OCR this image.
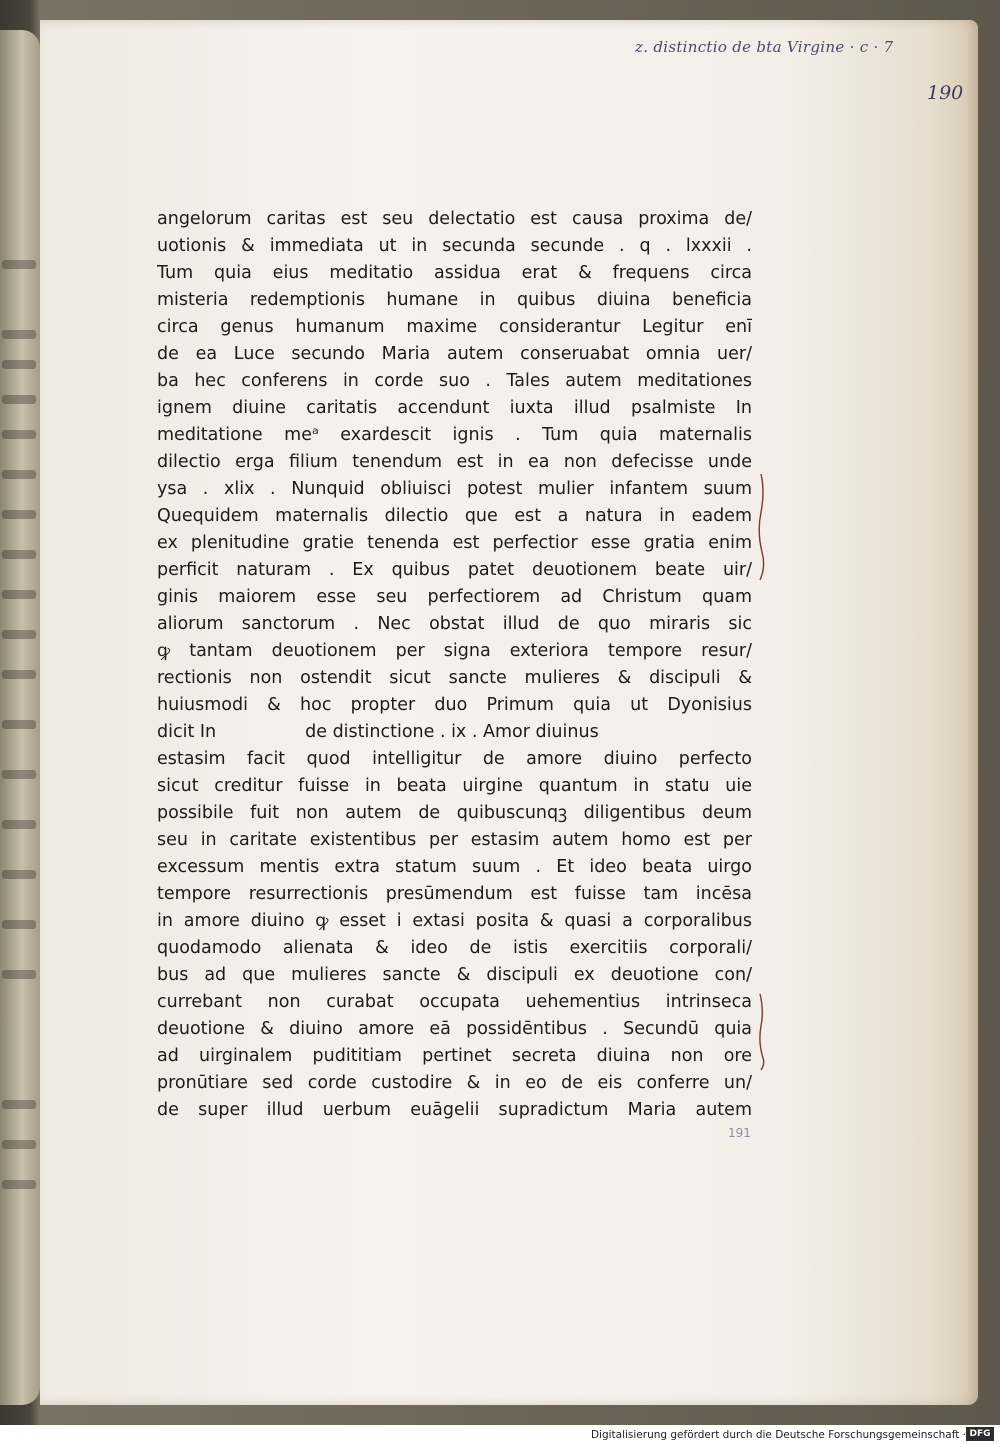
z. distinctio de bta Virgine · c · 7
190
angelorum caritas est seu delectatio est causa proxima de/
uotionis & immediata ut in secunda secunde . q . lxxxii .
Tum quia eius meditatio assidua erat & frequens circa
misteria redemptionis humane in quibus diuina beneficia
circa genus humanum maxime considerantur Legitur enī
de ea Luce secundo Maria autem conseruabat omnia uer/
ba hec conferens in corde suo . Tales autem meditationes
ignem diuine caritatis accendunt iuxta illud psalmiste In
meditatione meᵃ exardescit ignis . Tum quia maternalis
dilectio erga filium tenendum est in ea non defecisse unde
ysa . xlix . Nunquid obliuisci potest mulier infantem suum
Quequidem maternalis dilectio que est a natura in eadem
ex plenitudine gratie tenenda est perfectior esse gratia enim
perficit naturam . Ex quibus patet deuotionem beate uir/
ginis maiorem esse seu perfectiorem ad Christum quam
aliorum sanctorum . Nec obstat illud de quo miraris sic
ꝙ tantam deuotionem per signa exteriora tempore resur/
rectionis non ostendit sicut sancte mulieres & discipuli &
huiusmodi & hoc propter duo Primum quia ut Dyonisius
dicit In                de distinctione . ix . Amor diuinus
estasim facit quod intelligitur de amore diuino perfecto
sicut creditur fuisse in beata uirgine quantum in statu uie
possibile fuit non autem de quibuscunqꝫ diligentibus deum
seu in caritate existentibus per estasim autem homo est per
excessum mentis extra statum suum . Et ideo beata uirgo
tempore resurrectionis presūmendum est fuisse tam incēsa
in amore diuino ꝙ esset i extasi posita & quasi a corporalibus
quodamodo alienata & ideo de istis exercitiis corporali/
bus ad que mulieres sancte & discipuli ex deuotione con/
currebant non curabat occupata uehementius intrinseca
deuotione & diuino amore eā possidēntibus . Secundū quia
ad uirginalem pudititiam pertinet secreta diuina non ore
pronūtiare sed corde custodire & in eo de eis conferre un/
de super illud uerbum euāgelii supradictum Maria autem
191
Digitalisierung gefördert durch die Deutsche Forschungsgemeinschaft · DFG
